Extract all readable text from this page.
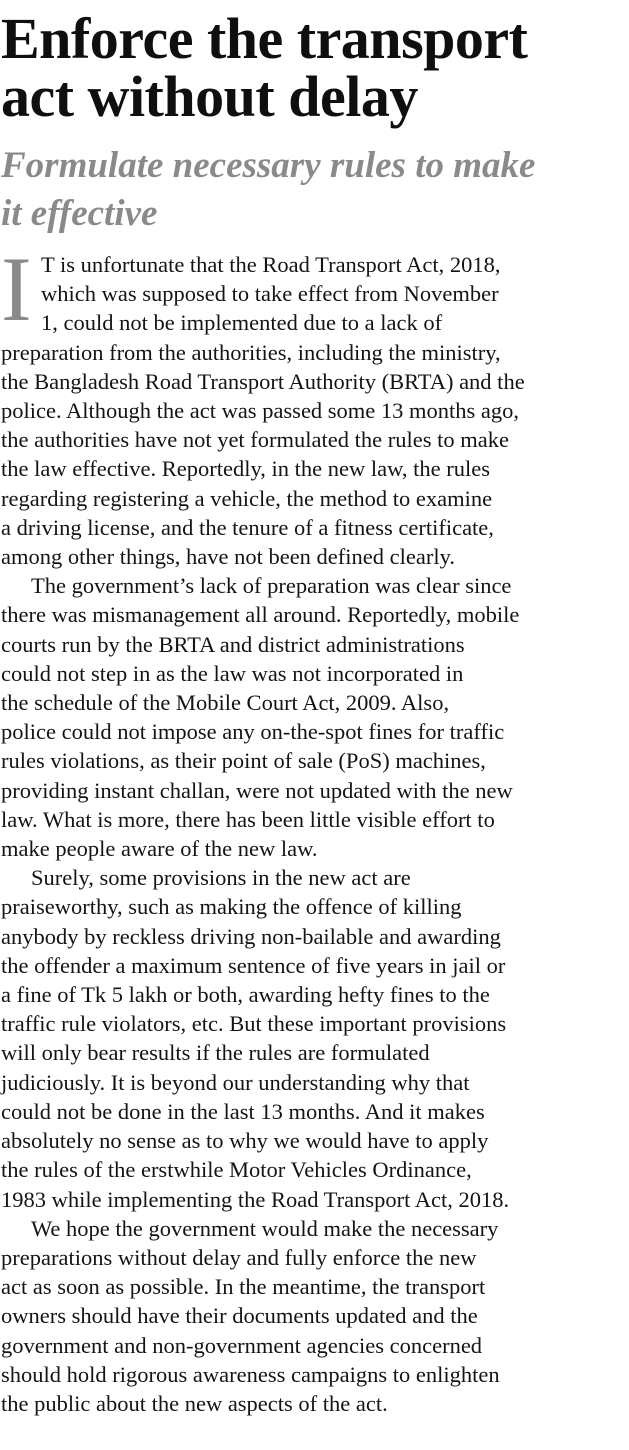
Enforce the transport
act without delay
Formulate necessary rules to make
it effective
I T is unfortunate that the Road Transport Act, 2018,
which was supposed to take effect from November
1, could not be implemented due to a lack of
preparation from the authorities, including the ministry,
the Bangladesh Road Transport Authority (BRTA) and the
police. Although the act was passed some 13 months ago,
the authorities have not yet formulated the rules to make
the law effective. Reportedly, in the new law, the rules
regarding registering a vehicle, the method to examine
a driving license, and the tenure of a fitness certificate,
among other things, have not been defined clearly.
The government’s lack of preparation was clear since
there was mismanagement all around. Reportedly, mobile
courts run by the BRTA and district administrations
could not step in as the law was not incorporated in
the schedule of the Mobile Court Act, 2009. Also,
police could not impose any on-the-spot fines for traffic
rules violations, as their point of sale (PoS) machines,
providing instant challan, were not updated with the new
law. What is more, there has been little visible effort to
make people aware of the new law.
Surely, some provisions in the new act are
praiseworthy, such as making the offence of killing
anybody by reckless driving non-bailable and awarding
the offender a maximum sentence of five years in jail or
a fine of Tk 5 lakh or both, awarding hefty fines to the
traffic rule violators, etc. But these important provisions
will only bear results if the rules are formulated
judiciously. It is beyond our understanding why that
could not be done in the last 13 months. And it makes
absolutely no sense as to why we would have to apply
the rules of the erstwhile Motor Vehicles Ordinance,
1983 while implementing the Road Transport Act, 2018.
We hope the government would make the necessary
preparations without delay and fully enforce the new
act as soon as possible. In the meantime, the transport
owners should have their documents updated and the
government and non-government agencies concerned
should hold rigorous awareness campaigns to enlighten
the public about the new aspects of the act.
